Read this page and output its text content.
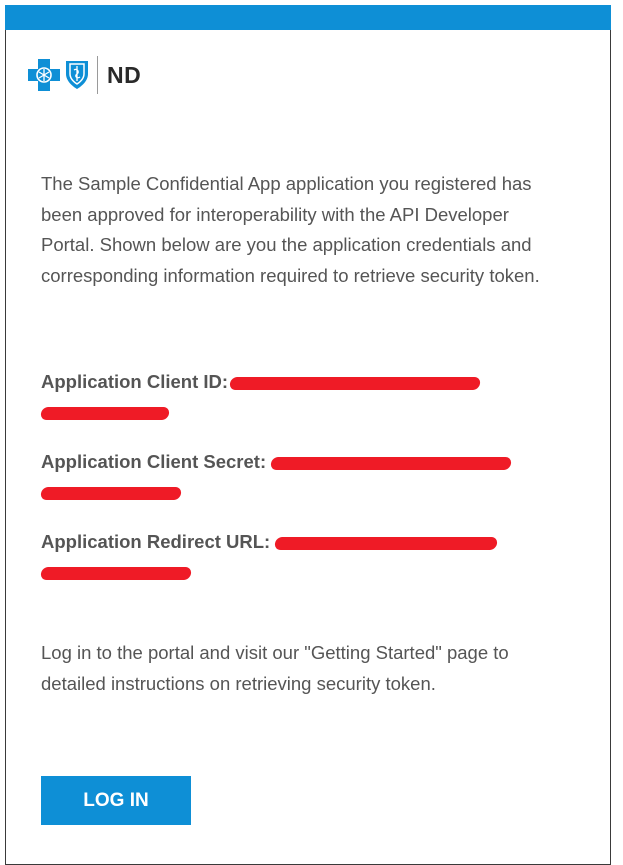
ND

The Sample Confidential App application you registered has been approved for interoperability with the API Developer Portal. Shown below are you the application credentials and corresponding information required to retrieve security token.

Application Client ID:

Application Client Secret:

Application Redirect URL:

Log in to the portal and visit our "Getting Started" page to detailed instructions on retrieving security token.

LOG IN
